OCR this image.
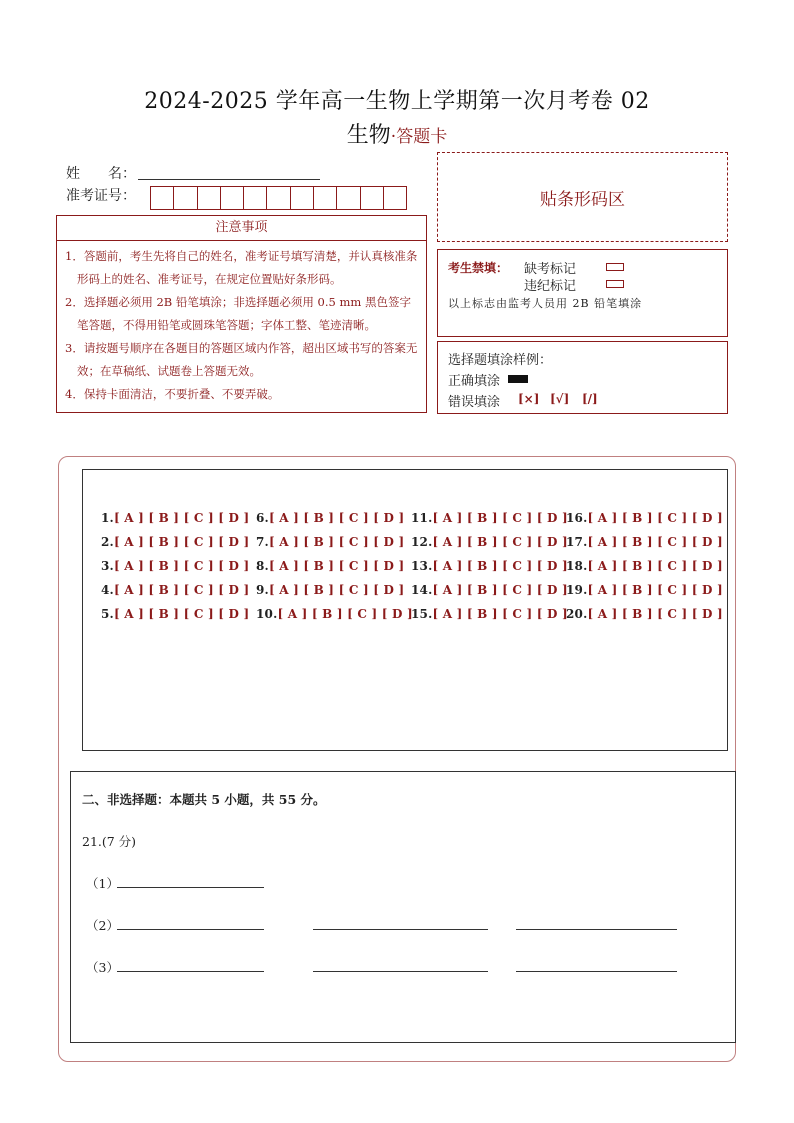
2024-2025 学年高一生物上学期第一次月考卷 02
生物·答题卡
姓　　名：
准考证号：	贴条形码区
注意事项
1．答题前，考生先将自己的姓名，准考证号填写清楚，并认真核准条形码上的姓名、准考证号，在规定位置贴好条形码。
2．选择题必须用 2B 铅笔填涂；非选择题必须用 0.5 mm 黑色签字笔答题，不得用铅笔或圆珠笔答题；字体工整、笔迹清晰。
3．请按题号顺序在各题目的答题区域内作答，超出区域书写的答案无效；在草稿纸、试题卷上答题无效。
4．保持卡面清洁，不要折叠、不要弄破。
考生禁填： 缺考标记
违纪标记
以上标志由监考人员用 2B 铅笔填涂
选择题填涂样例：
正确填涂
错误填涂 [×] [√] [/]
1.[ A ] [ B ] [ C ] [ D ]
2.[ A ] [ B ] [ C ] [ D ]
3.[ A ] [ B ] [ C ] [ D ]
4.[ A ] [ B ] [ C ] [ D ]
5.[ A ] [ B ] [ C ] [ D ]
6.[ A ] [ B ] [ C ] [ D ]
7.[ A ] [ B ] [ C ] [ D ]
8.[ A ] [ B ] [ C ] [ D ]
9.[ A ] [ B ] [ C ] [ D ]
10.[ A ] [ B ] [ C ] [ D ]
11.[ A ] [ B ] [ C ] [ D ]
12.[ A ] [ B ] [ C ] [ D ]
13.[ A ] [ B ] [ C ] [ D ]
14.[ A ] [ B ] [ C ] [ D ]
15.[ A ] [ B ] [ C ] [ D ]
16.[ A ] [ B ] [ C ] [ D ]
17.[ A ] [ B ] [ C ] [ D ]
18.[ A ] [ B ] [ C ] [ D ]
19.[ A ] [ B ] [ C ] [ D ]
20.[ A ] [ B ] [ C ] [ D ]
二、非选择题：本题共 5 小题，共 55 分。
21.(7 分)
（1）
（2）
（3）
